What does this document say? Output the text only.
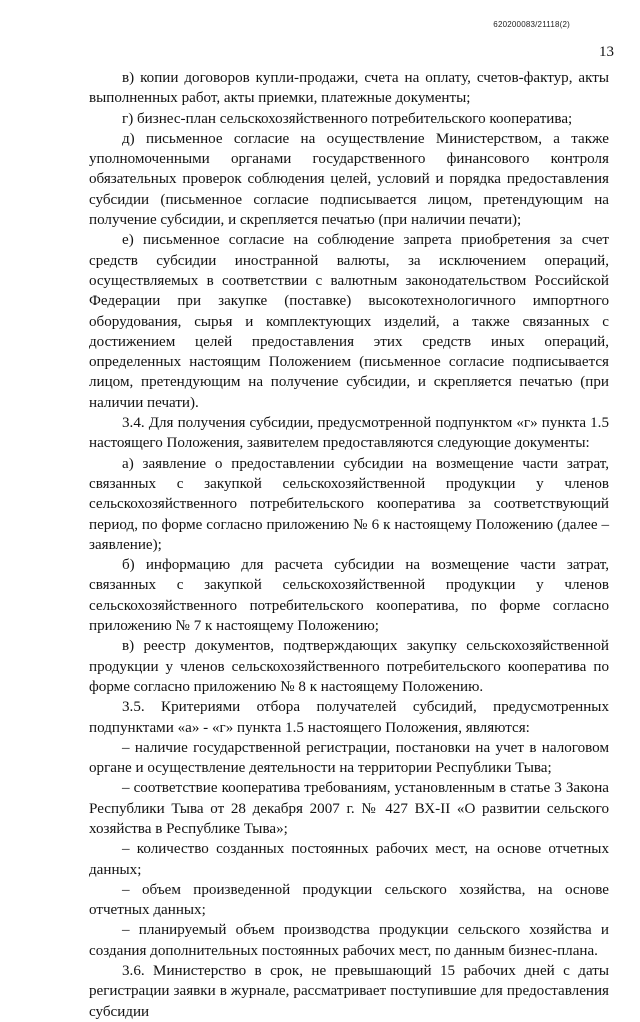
620200083/21118(2)
13

в) копии договоров купли-продажи, счета на оплату, счетов-фактур, акты выполненных работ, акты приемки, платежные документы;

г) бизнес-план сельскохозяйственного потребительского кооператива;

д) письменное согласие на осуществление Министерством, а также уполномоченными органами государственного финансового контроля обязательных проверок соблюдения целей, условий и порядка предоставления субсидии (письменное согласие подписывается лицом, претендующим на получение субсидии, и скрепляется печатью (при наличии печати);

е) письменное согласие на соблюдение запрета приобретения за счет средств субсидии иностранной валюты, за исключением операций, осуществляемых в соответствии с валютным законодательством Российской Федерации при закупке (поставке) высокотехнологичного импортного оборудования, сырья и комплектующих изделий, а также связанных с достижением целей предоставления этих средств иных операций, определенных настоящим Положением (письменное согласие подписывается лицом, претендующим на получение субсидии, и скрепляется печатью (при наличии печати).

3.4. Для получения субсидии, предусмотренной подпунктом «г» пункта 1.5 настоящего Положения, заявителем предоставляются следующие документы:

а) заявление о предоставлении субсидии на возмещение части затрат, связанных с закупкой сельскохозяйственной продукции у членов сельскохозяйственного потребительского кооператива за соответствующий период, по форме согласно приложению № 6 к настоящему Положению (далее – заявление);

б) информацию для расчета субсидии на возмещение части затрат, связанных с закупкой сельскохозяйственной продукции у членов сельскохозяйственного потребительского кооператива, по форме согласно приложению № 7 к настоящему Положению;

в) реестр документов, подтверждающих закупку сельскохозяйственной продукции у членов сельскохозяйственного потребительского кооператива по форме согласно приложению № 8 к настоящему Положению.

3.5. Критериями отбора получателей субсидий, предусмотренных подпунктами «а» - «г» пункта 1.5 настоящего Положения, являются:

– наличие государственной регистрации, постановки на учет в налоговом органе и осуществление деятельности на территории Республики Тыва;

– соответствие кооператива требованиям, установленным в статье 3 Закона Республики Тыва от 28 декабря 2007 г. № 427 ВХ-II «О развитии сельского хозяйства в Республике Тыва»;

– количество созданных постоянных рабочих мест, на основе отчетных данных;

– объем произведенной продукции сельского хозяйства, на основе отчетных данных;

– планируемый объем производства продукции сельского хозяйства и создания дополнительных постоянных рабочих мест, по данным бизнес-плана.

3.6. Министерство в срок, не превышающий 15 рабочих дней с даты регистрации заявки в журнале, рассматривает поступившие для предоставления субсидии
